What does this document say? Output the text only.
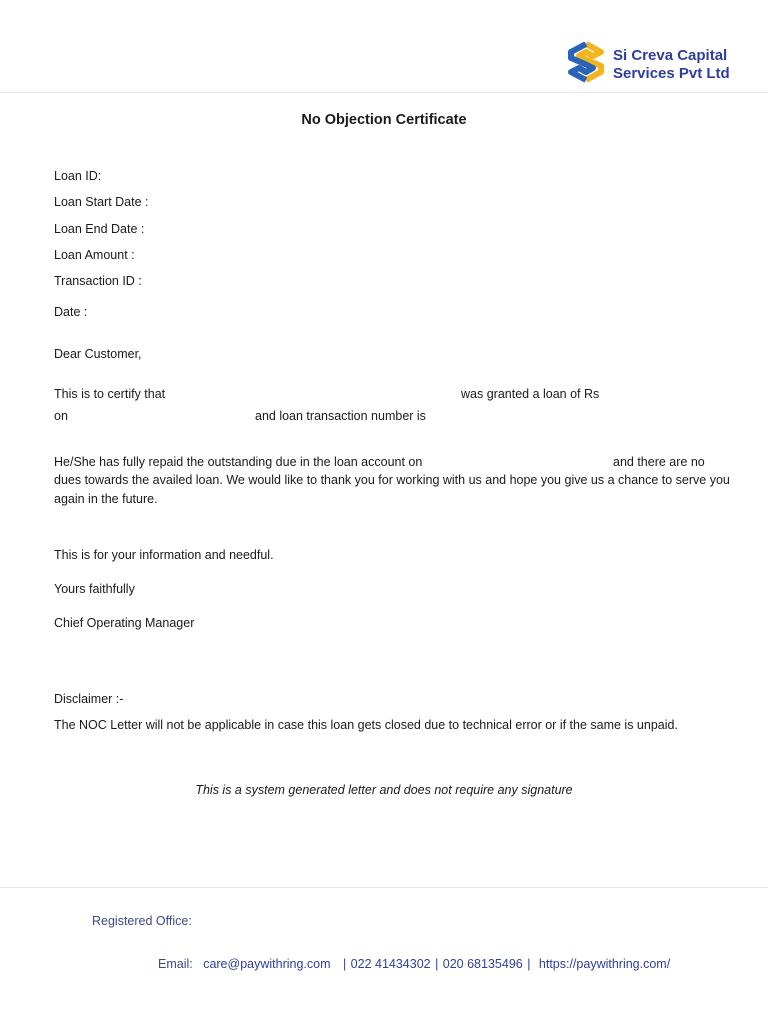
Si Creva Capital
Services Pvt Ltd
No Objection Certificate
Loan ID:
Loan Start Date :
Loan End Date :
Loan Amount :
Transaction ID :
Date :
Dear Customer,
This is to certify that	was granted a loan of Rs
on	and loan transaction number is
He/She has fully repaid the outstanding due in the loan account on	and there are no
dues towards the availed loan. We would like to thank you for working with us and hope you give us a chance to serve you
again in the future.
This is for your information and needful.
Yours faithfully
Chief Operating Manager
Disclaimer :-
The NOC Letter will not be applicable in case this loan gets closed due to technical error or if the same is unpaid.
This is a system generated letter and does not require any signature
Registered Office:
Email: care@paywithring.com | 022 41434302 | 020 68135496 | https://paywithring.com/
